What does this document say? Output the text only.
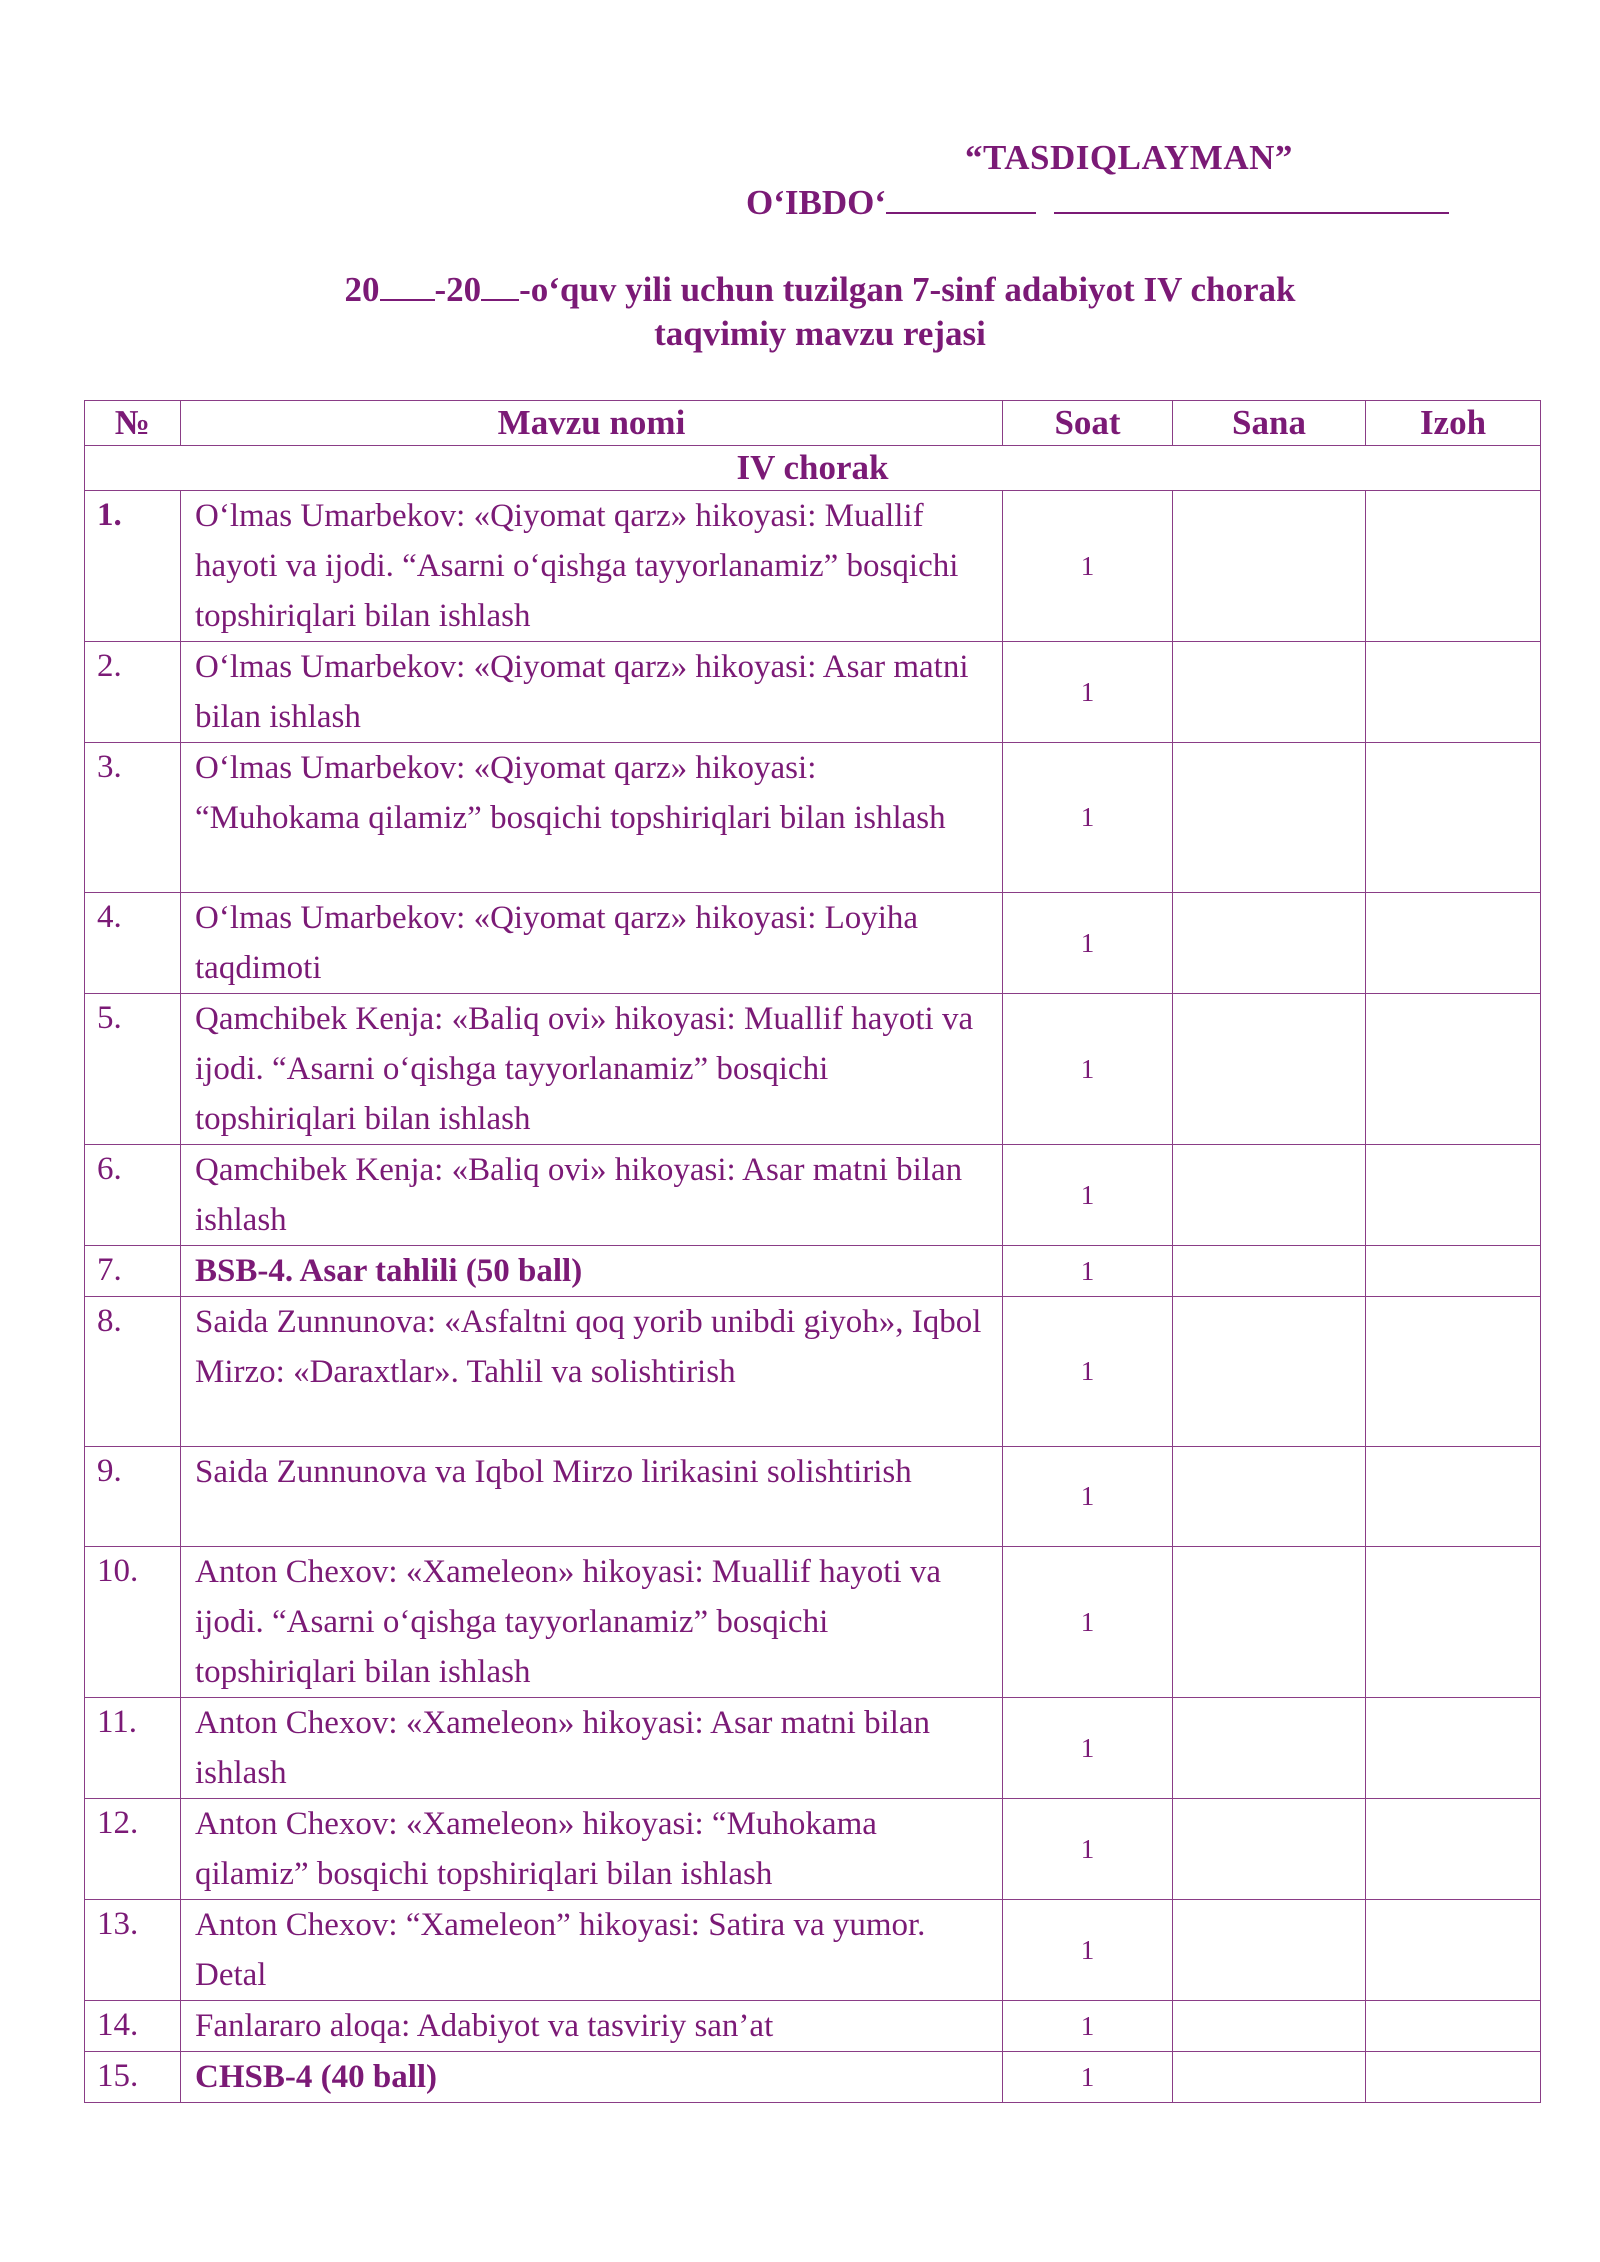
“TASDIQLAYMAN”
O‘IBDO‘
20 -20 -o‘quv yili uchun tuzilgan 7-sinf adabiyot IV chorak
taqvimiy mavzu rejasi
№	Mavzu nomi	Soat	Sana	Izoh
IV chorak				
1.	O‘lmas Umarbekov: «Qiyomat qarz» hikoyasi: Muallif hayoti va ijodi. “Asarni o‘qishga tayyorlanamiz” bosqichi topshiriqlari bilan ishlash	1		
2.	O‘lmas Umarbekov: «Qiyomat qarz» hikoyasi: Asar matni bilan ishlash	1		
3.	O‘lmas Umarbekov: «Qiyomat qarz» hikoyasi: “Muhokama qilamiz” bosqichi topshiriqlari bilan ishlash	1		
4.	O‘lmas Umarbekov: «Qiyomat qarz» hikoyasi: Loyiha taqdimoti	1		
5.	Qamchibek Kenja: «Baliq ovi» hikoyasi: Muallif hayoti va ijodi. “Asarni o‘qishga tayyorlanamiz” bosqichi topshiriqlari bilan ishlash	1		
6.	Qamchibek Kenja: «Baliq ovi» hikoyasi: Asar matni bilan ishlash	1		
7.	BSB-4. Asar tahlili (50 ball)	1		
8.	Saida Zunnunova: «Asfaltni qoq yorib unibdi giyoh», Iqbol Mirzo: «Daraxtlar». Tahlil va solishtirish	1		
9.	Saida Zunnunova va Iqbol Mirzo lirikasini solishtirish	1		
10.	Anton Chexov: «Xameleon» hikoyasi: Muallif hayoti va ijodi. “Asarni o‘qishga tayyorlanamiz” bosqichi topshiriqlari bilan ishlash	1		
11.	Anton Chexov: «Xameleon» hikoyasi: Asar matni bilan ishlash	1		
12.	Anton Chexov: «Xameleon» hikoyasi: “Muhokama qilamiz” bosqichi topshiriqlari bilan ishlash	1		
13.	Anton Chexov: “Xameleon” hikoyasi: Satira va yumor. Detal	1		
14.	Fanlararo aloqa: Adabiyot va tasviriy san’at	1		
15.	CHSB-4 (40 ball)	1		
